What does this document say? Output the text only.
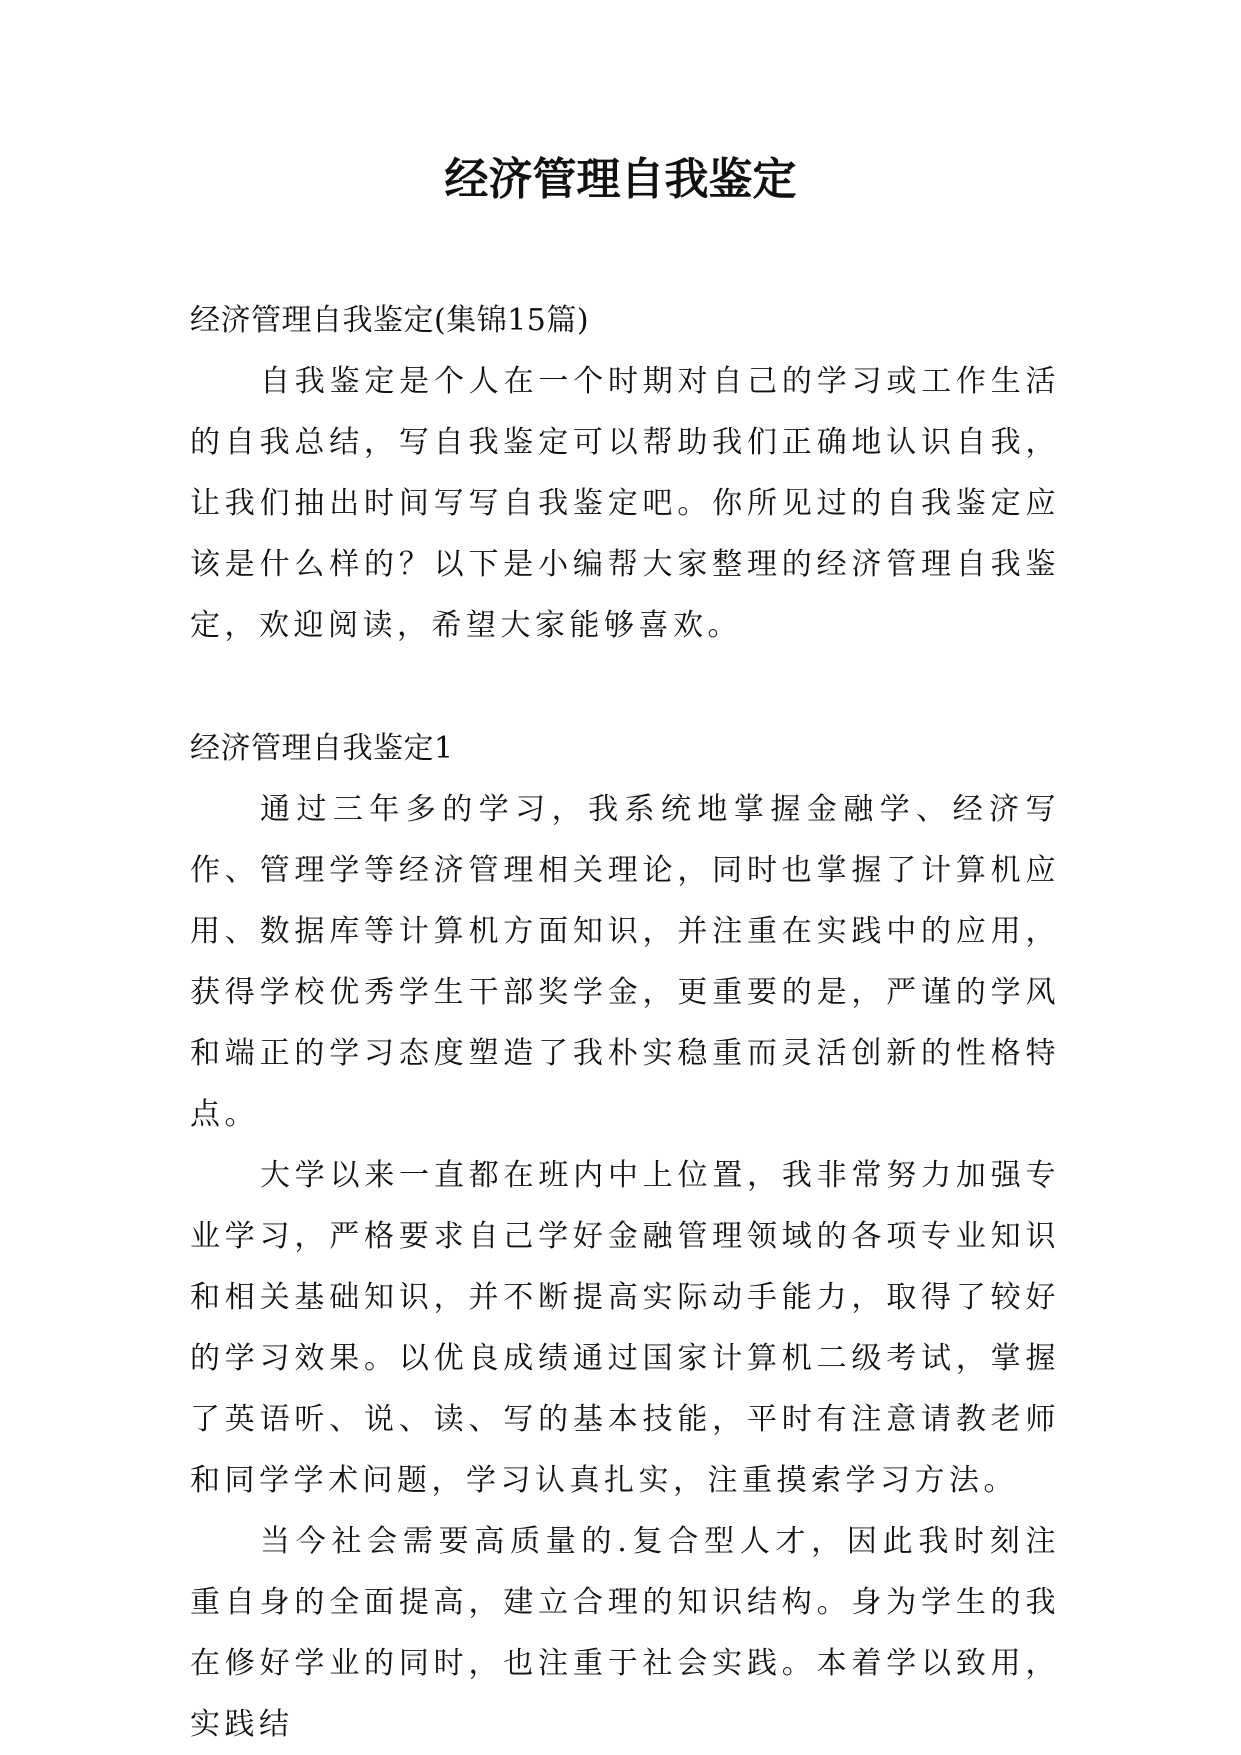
经济管理自我鉴定

经济管理自我鉴定(集锦15篇)

自我鉴定是个人在一个时期对自己的学习或工作生活的自我总结，写自我鉴定可以帮助我们正确地认识自我，让我们抽出时间写写自我鉴定吧。你所见过的自我鉴定应该是什么样的？以下是小编帮大家整理的经济管理自我鉴定，欢迎阅读，希望大家能够喜欢。

经济管理自我鉴定1

通过三年多的学习，我系统地掌握金融学、经济写作、管理学等经济管理相关理论，同时也掌握了计算机应用、数据库等计算机方面知识，并注重在实践中的应用，获得学校优秀学生干部奖学金，更重要的是，严谨的学风和端正的学习态度塑造了我朴实稳重而灵活创新的性格特点。

大学以来一直都在班内中上位置，我非常努力加强专业学习，严格要求自己学好金融管理领域的各项专业知识和相关基础知识，并不断提高实际动手能力，取得了较好的学习效果。以优良成绩通过国家计算机二级考试，掌握了英语听、说、读、写的基本技能，平时有注意请教老师和同学学术问题，学习认真扎实，注重摸索学习方法。

当今社会需要高质量的.复合型人才，因此我时刻注重自身的全面提高，建立合理的知识结构。身为学生的我在修好学业的同时，也注重于社会实践。本着学以致用，实践结
